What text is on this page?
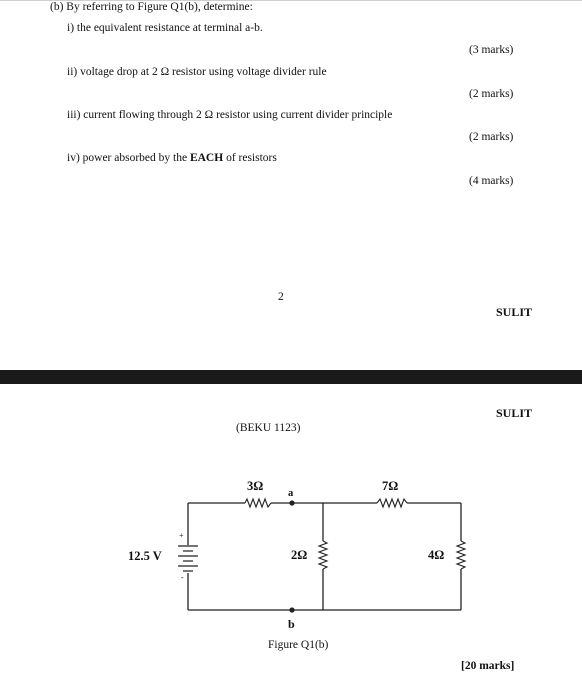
(b) By referring to Figure Q1(b), determine:
i) the equivalent resistance at terminal a-b.
(3 marks)
ii) voltage drop at 2 Ω resistor using voltage divider rule
(2 marks)
iii) current flowing through 2 Ω resistor using current divider principle
(2 marks)
iv) power absorbed by the EACH of resistors
(4 marks)
2
SULIT
SULIT
(BEKU 1123)
12.5 V
+
-
3Ω	7Ω
2Ω	4Ω
a
b
Figure Q1(b)
[20 marks]
